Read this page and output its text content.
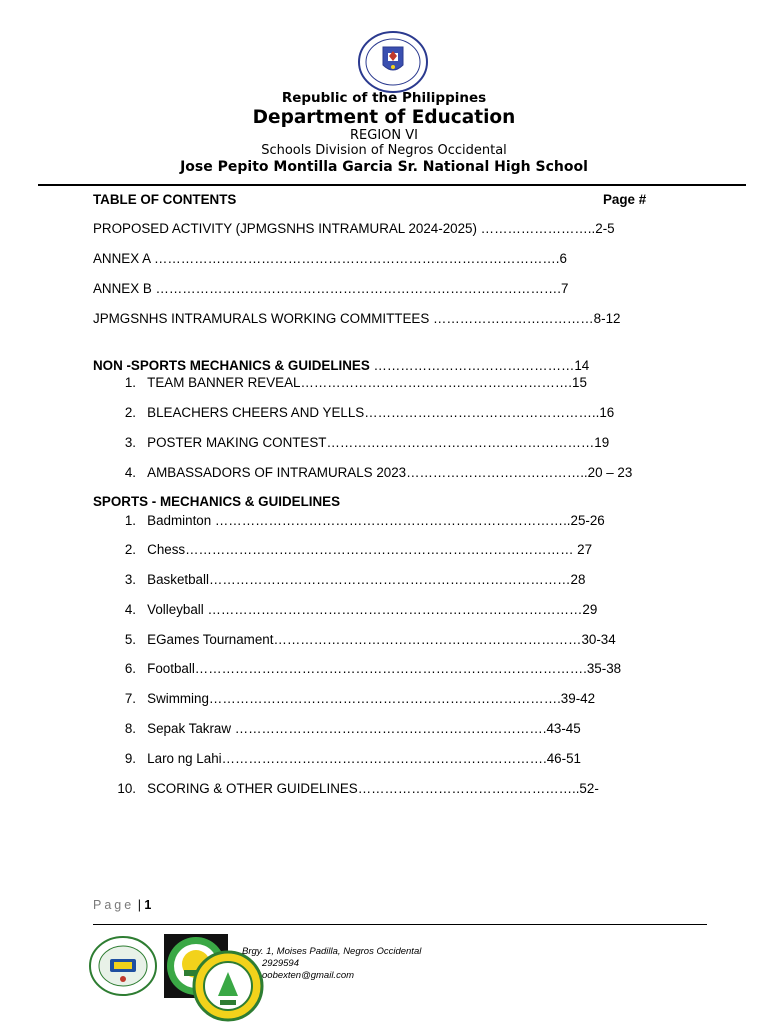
Republic of the Philippines
Department of Education
REGION VI
Schools Division of Negros Occidental
Jose Pepito Montilla Garcia Sr. National High School
TABLE OF CONTENTS	Page #
PROPOSED ACTIVITY (JPMGSNHS INTRAMURAL 2024-2025) ……………………..2-5
ANNEX A ……………………………………………………………………………….6
ANNEX B ……………………………………………………………………………….7
JPMGSNHS INTRAMURALS WORKING COMMITTEES ………………………………8-12
NON -SPORTS MECHANICS & GUIDELINES ………………………………………14
1. TEAM BANNER REVEAL…………………………………………………….15
2. BLEACHERS CHEERS AND YELLS……………………………………………..16
3. POSTER MAKING CONTEST……………………………………………………19
4. AMBASSADORS OF INTRAMURALS 2023…………………………………..20 – 23
SPORTS - MECHANICS & GUIDELINES
1. Badminton ……………………………………………………………………..25-26
2. Chess…………………………………………………………………………… 27
3. Basketball………………………………………………………………………28
4. Volleyball …………………………………………………………………………29
5. EGames Tournament……………………………………………………………30-34
6. Football…………………………………………………………………………….35-38
7. Swimming…………………………………………………………………….39-42
8. Sepak Takraw …………………………………………………………….43-45
9. Laro ng Lahi……………………………………………………………….46-51
10. SCORING & OTHER GUIDELINES…………………………………………..52-
Page | 1
Brgy. 1, Moises Padilla, Negros Occidental
2929594
oobexten@gmail.com
